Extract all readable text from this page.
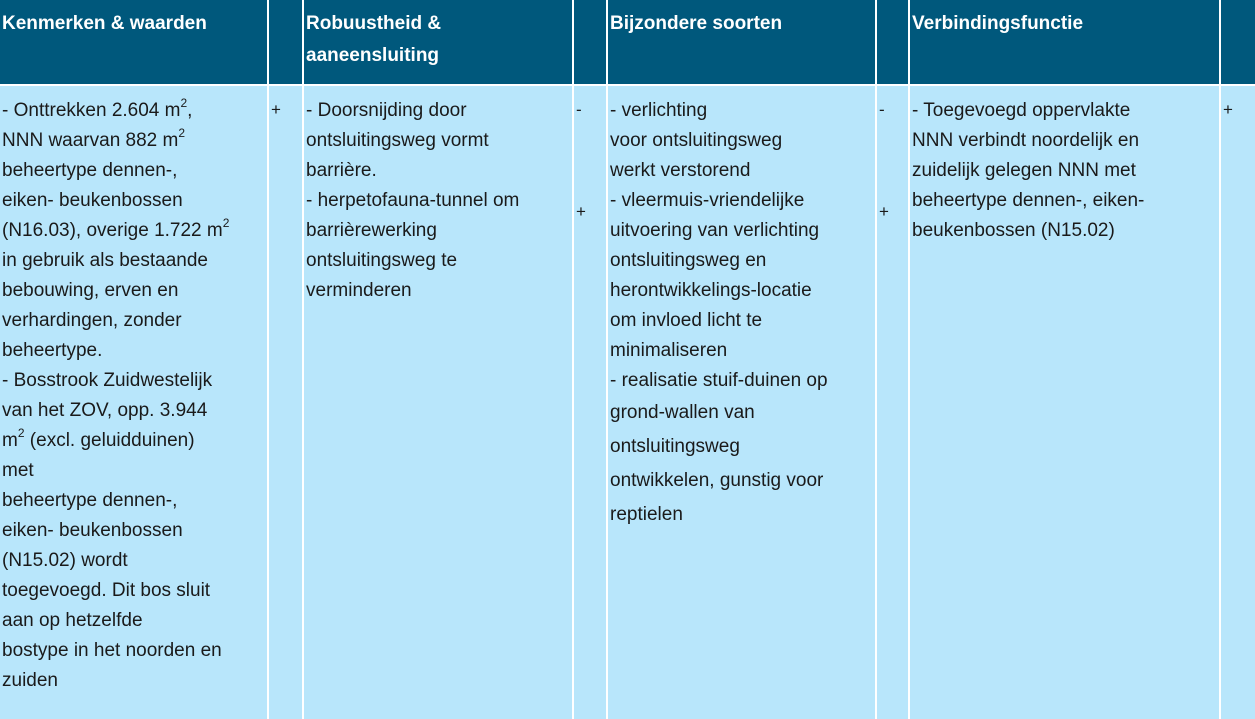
Kenmerken & waarden	Robuustheid &
aaneensluiting
Bijzondere soorten	Verbindingsfunctie
- Onttrekken 2.604 $m^2$,
NNN waarvan 882 $m^2$
beheertype dennen-,
eiken- beukenbossen
(N16.03), overige 1.722 $m^2$
in gebruik als bestaande
bebouwing, erven en
verhardingen, zonder
beheertype.
- Bosstrook Zuidwestelijk
van het ZOV, opp. 3.944
$m^2$ (excl. geluidduinen)
met
beheertype dennen-,
eiken- beukenbossen
(N15.02) wordt
toegevoegd. Dit bos sluit
aan op hetzelfde
bostype in het noorden en
zuiden
+ - Doorsnijding door
ontsluitingsweg vormt
barrière.
- herpetofauna-tunnel om
barrièrewerking
ontsluitingsweg te
verminderen
-
+
- verlichting
voor ontsluitingsweg
werkt verstorend
- vleermuis-vriendelijke
uitvoering van verlichting
ontsluitingsweg en
herontwikkelings-locatie
om invloed licht te
minimaliseren
- realisatie stuif-duinen op
grond-wallen van
ontsluitingsweg
ontwikkelen, gunstig voor
reptielen
-
+
- Toegevoegd oppervlakte
NNN verbindt noordelijk en
zuidelijk gelegen NNN met
beheertype dennen-, eiken-
beukenbossen (N15.02)
+
